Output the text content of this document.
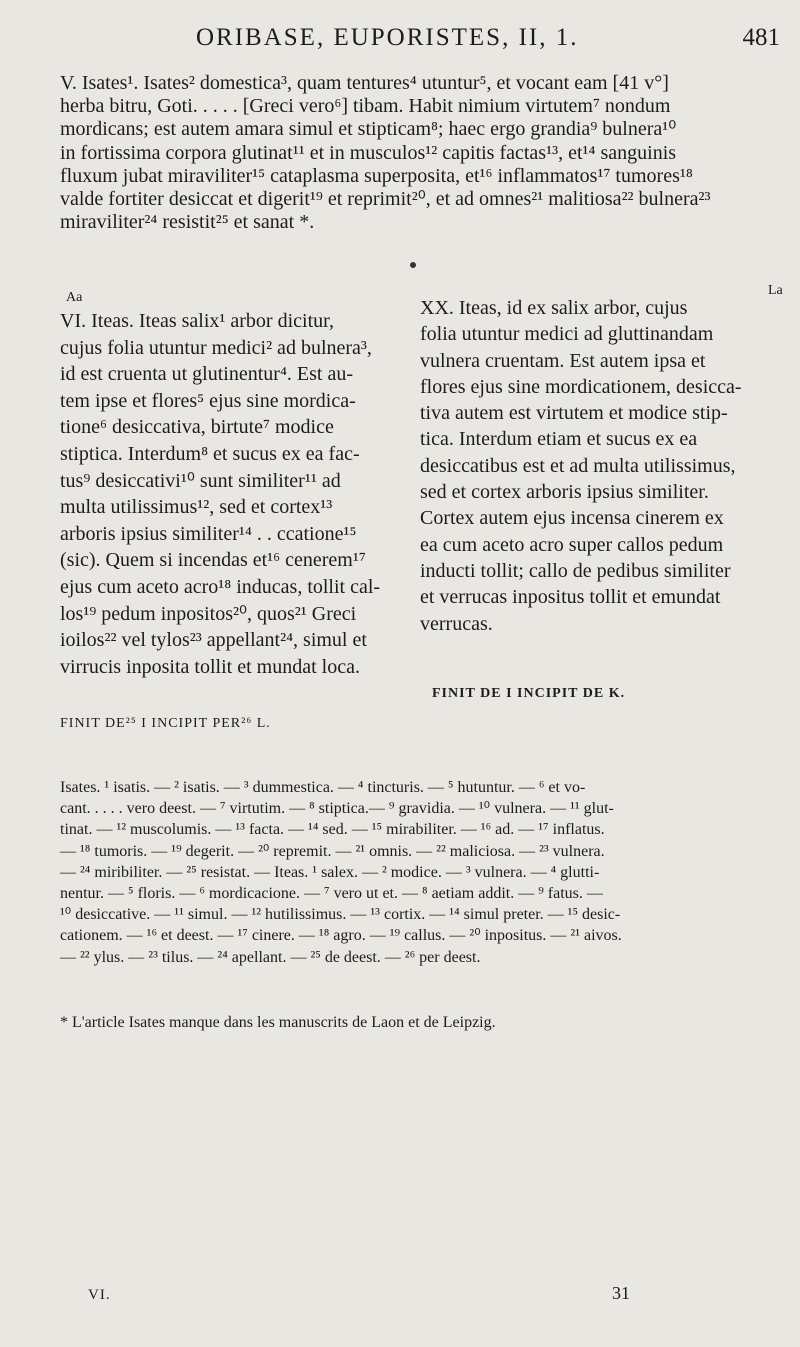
ORIBASE, EUPORISTES, II, 1.	481
V. Isates¹. Isates² domestica³, quam tentures⁴ utuntur⁵, et vocant eam [41 v°]
herba bitru, Goti. . . . . [Greci vero⁶] tibam. Habit nimium virtutem⁷ nondum
mordicans; est autem amara simul et stipticam⁸; haec ergo grandia⁹ bulnera¹⁰
in fortissima corpora glutinat¹¹ et in musculos¹² capitis factas¹³, et¹⁴ sanguinis
fluxum jubat miraviliter¹⁵ cataplasma superposita, et¹⁶ inflammatos¹⁷ tumores¹⁸
valde fortiter desiccat et digerit¹⁹ et reprimit²⁰, et ad omnes²¹ malitiosa²² bulnera²³
miraviliter²⁴ resistit²⁵ et sanat *.
Aa	La
VI. Iteas. Iteas salix¹ arbor dicitur,
cujus folia utuntur medici² ad bulnera³,
id est cruenta ut glutinentur⁴. Est au-
tem ipse et flores⁵ ejus sine mordica-
tione⁶ desiccativa, birtute⁷ modice
stiptica. Interdum⁸ et sucus ex ea fac-
tus⁹ desiccativi¹⁰ sunt similiter¹¹ ad
multa utilissimus¹², sed et cortex¹³
arboris ipsius similiter¹⁴ . . ccatione¹⁵
(sic). Quem si incendas et¹⁶ cenerem¹⁷
ejus cum aceto acro¹⁸ inducas, tollit cal-
los¹⁹ pedum inpositos²⁰, quos²¹ Greci
ioilos²² vel tylos²³ appellant²⁴, simul et
virrucis inposita tollit et mundat loca.
FINIT DE²⁵ I INCIPIT PER²⁶ L.
XX. Iteas, id ex salix arbor, cujus
folia utuntur medici ad gluttinandam
vulnera cruentam. Est autem ipsa et
flores ejus sine mordicationem, desicca-
tiva autem est virtutem et modice stip-
tica. Interdum etiam et sucus ex ea
desiccatibus est et ad multa utilissimus,
sed et cortex arboris ipsius similiter.
Cortex autem ejus incensa cinerem ex
ea cum aceto acro super callos pedum
inducti tollit; callo de pedibus similiter
et verrucas inpositus tollit et emundat
verrucas.
FINIT DE I INCIPIT DE K.
Isates. ¹ isatis. — ² isatis. — ³ dummestica. — ⁴ tincturis. — ⁵ hutuntur. — ⁶ et vo-
cant. . . . . vero deest. — ⁷ virtutim. — ⁸ stiptica.— ⁹ gravidia. — ¹⁰ vulnera. — ¹¹ glut-
tinat. — ¹² muscolumis. — ¹³ facta. — ¹⁴ sed. — ¹⁵ mirabiliter. — ¹⁶ ad. — ¹⁷ inflatus.
— ¹⁸ tumoris. — ¹⁹ degerit. — ²⁰ repremit. — ²¹ omnis. — ²² maliciosa. — ²³ vulnera.
— ²⁴ miribiliter. — ²⁵ resistat. — Iteas. ¹ salex. — ² modice. — ³ vulnera. — ⁴ glutti-
nentur. — ⁵ floris. — ⁶ mordicacione. — ⁷ vero ut et. — ⁸ aetiam addit. — ⁹ fatus. —
¹⁰ desiccative. — ¹¹ simul. — ¹² hutilissimus. — ¹³ cortix. — ¹⁴ simul preter. — ¹⁵ desic-
cationem. — ¹⁶ et deest. — ¹⁷ cinere. — ¹⁸ agro. — ¹⁹ callus. — ²⁰ inpositus. — ²¹ aivos.
— ²² ylus. — ²³ tilus. — ²⁴ apellant. — ²⁵ de deest. — ²⁶ per deest.
* L'article Isates manque dans les manuscrits de Laon et de Leipzig.
VI.	31
